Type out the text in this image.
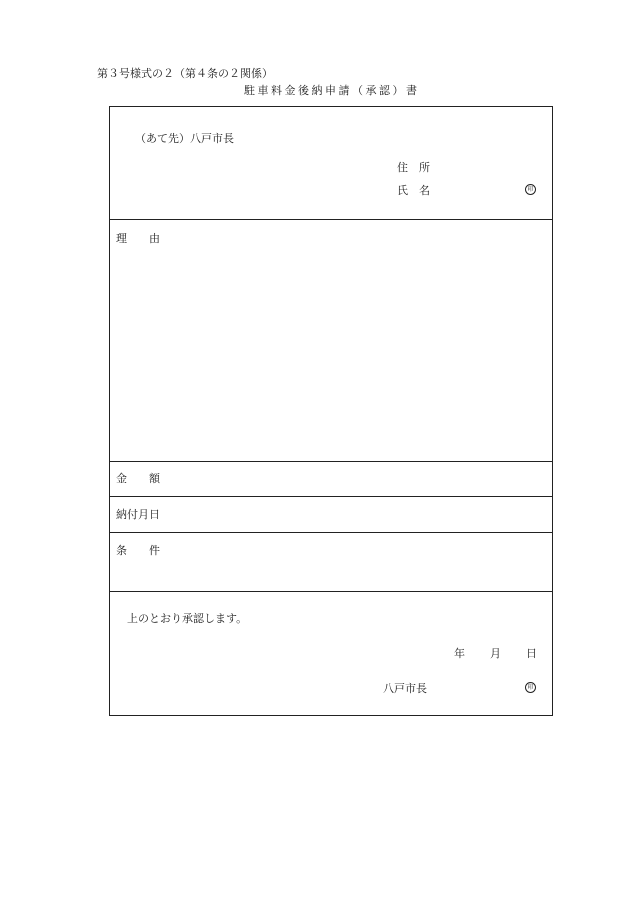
第３号様式の２（第４条の２関係）
駐車料金後納申請（承認）書
（あて先）八戸市長
住　所
氏　名	印
理　　由
金　　額
納付月日
条　　件
上のとおり承認します。
年 月 日
八戸市長	印
